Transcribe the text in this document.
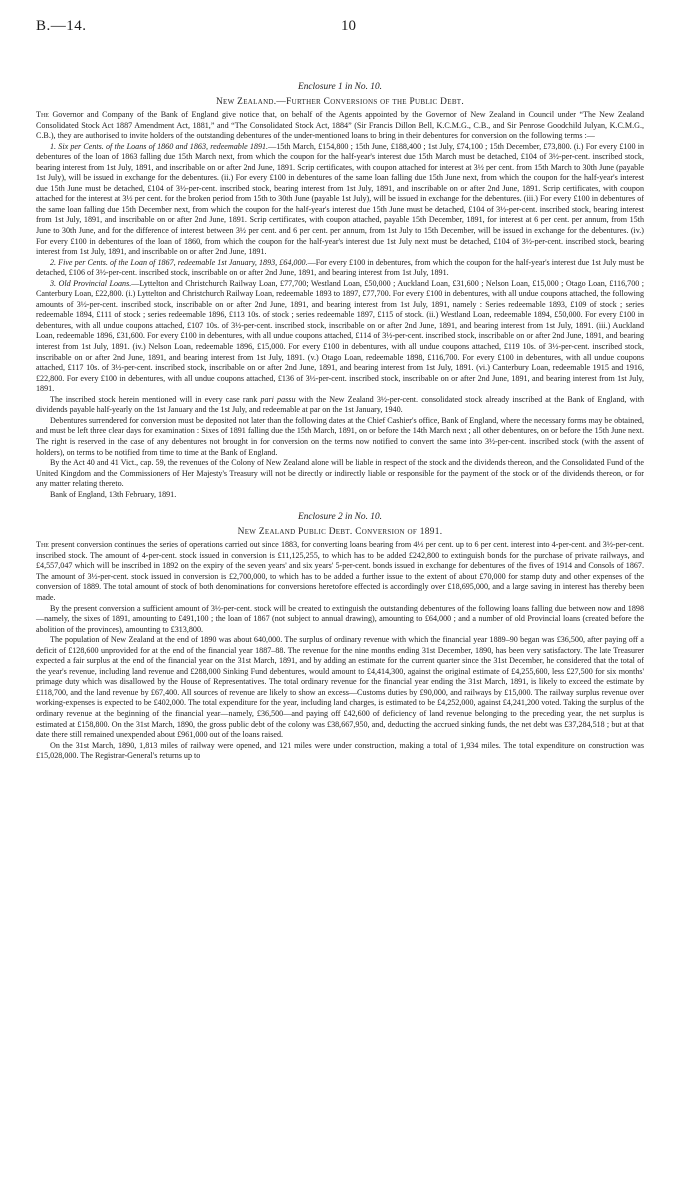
B.—14.	10
Enclosure 1 in No. 10.
New Zealand.—Further Conversions of the Public Debt.

The Governor and Company of the Bank of England give notice that, on behalf of the Agents appointed by the Governor of New Zealand in Council under “The New Zealand Consolidated Stock Act 1887 Amendment Act, 1881,” and “The Consolidated Stock Act, 1884” (Sir Francis Dillon Bell, K.C.M.G., C.B., and Sir Penrose Goodchild Julyan, K.C.M.G., C.B.), they are authorised to invite holders of the outstanding debentures of the under-mentioned loans to bring in their debentures for conversion on the following terms :—

1. Six per Cents. of the Loans of 1860 and 1863, redeemable 1891.—15th March, £154,800 ; 15th June, £188,400 ; 1st July, £74,100 ; 15th December, £73,800. (i.) For every £100 in debentures of the loan of 1863 falling due 15th March next, from which the coupon for the half-year's interest due 15th March must be detached, £104 of 3½-per-cent. inscribed stock, bearing interest from 1st July, 1891, and inscribable on or after 2nd June, 1891. Scrip certificates, with coupon attached for interest at 3½ per cent. from 15th March to 30th June (payable 1st July), will be issued in exchange for the debentures. (ii.) For every £100 in debentures of the same loan falling due 15th June next, from which the coupon for the half-year's interest due 15th June must be detached, £104 of 3½-per-cent. inscribed stock, bearing interest from 1st July, 1891, and inscribable on or after 2nd June, 1891. Scrip certificates, with coupon attached for the interest at 3½ per cent. for the broken period from 15th to 30th June (payable 1st July), will be issued in exchange for the debentures. (iii.) For every £100 in debentures of the same loan falling due 15th December next, from which the coupon for the half-year's interest due 15th June must be detached, £104 of 3½-per-cent. inscribed stock, bearing interest from 1st July, 1891, and inscribable on or after 2nd June, 1891. Scrip certificates, with coupon attached, payable 15th December, 1891, for interest at 6 per cent. per annum, from 15th June to 30th June, and for the difference of interest between 3½ per cent. and 6 per cent. per annum, from 1st July to 15th December, will be issued in exchange for the debentures. (iv.) For every £100 in debentures of the loan of 1860, from which the coupon for the half-year's interest due 1st July next must be detached, £104 of 3½-per-cent. inscribed stock, bearing interest from 1st July, 1891, and inscribable on or after 2nd June, 1891.

2. Five per Cents. of the Loan of 1867, redeemable 1st January, 1893, £64,000.—For every £100 in debentures, from which the coupon for the half-year's interest due 1st July must be detached, £106 of 3½-per-cent. inscribed stock, inscribable on or after 2nd June, 1891, and bearing interest from 1st July, 1891.

3. Old Provincial Loans.—Lyttelton and Christchurch Railway Loan, £77,700; Westland Loan, £50,000 ; Auckland Loan, £31,600 ; Nelson Loan, £15,000 ; Otago Loan, £116,700 ; Canterbury Loan, £22,800. (i.) Lyttelton and Christchurch Railway Loan, redeemable 1893 to 1897, £77,700. For every £100 in debentures, with all undue coupons attached, the following amounts of 3½-per-cent. inscribed stock, inscribable on or after 2nd June, 1891, and bearing interest from 1st July, 1891, namely : Series redeemable 1893, £109 of stock ; series redeemable 1894, £111 of stock ; series redeemable 1896, £113 10s. of stock ; series redeemable 1897, £115 of stock. (ii.) Westland Loan, redeemable 1894, £50,000. For every £100 in debentures, with all undue coupons attached, £107 10s. of 3½-per-cent. inscribed stock, inscribable on or after 2nd June, 1891, and bearing interest from 1st July, 1891. (iii.) Auckland Loan, redeemable 1896, £31,600. For every £100 in debentures, with all undue coupons attached, £114 of 3½-per-cent. inscribed stock, inscribable on or after 2nd June, 1891, and bearing interest from 1st July, 1891. (iv.) Nelson Loan, redeemable 1896, £15,000. For every £100 in debentures, with all undue coupons attached, £119 10s. of 3½-per-cent. inscribed stock, inscribable on or after 2nd June, 1891, and bearing interest from 1st July, 1891. (v.) Otago Loan, redeemable 1898, £116,700. For every £100 in debentures, with all undue coupons attached, £117 10s. of 3½-per-cent. inscribed stock, inscribable on or after 2nd June, 1891, and bearing interest from 1st July, 1891. (vi.) Canterbury Loan, redeemable 1915 and 1916, £22,800. For every £100 in debentures, with all undue coupons attached, £136 of 3½-per-cent. inscribed stock, inscribable on or after 2nd June, 1891, and bearing interest from 1st July, 1891.

The inscribed stock herein mentioned will in every case rank pari passu with the New Zealand 3½-per-cent. consolidated stock already inscribed at the Bank of England, with dividends payable half-yearly on the 1st January and the 1st July, and redeemable at par on the 1st January, 1940.

Debentures surrendered for conversion must be deposited not later than the following dates at the Chief Cashier's office, Bank of England, where the necessary forms may be obtained, and must be left three clear days for examination : Sixes of 1891 falling due the 15th March, 1891, on or before the 14th March next ; all other debentures, on or before the 15th June next. The right is reserved in the case of any debentures not brought in for conversion on the terms now notified to convert the same into 3½-per-cent. inscribed stock (with the assent of holders), on terms to be notified from time to time at the Bank of England.

By the Act 40 and 41 Vict., cap. 59, the revenues of the Colony of New Zealand alone will be liable in respect of the stock and the dividends thereon, and the Consolidated Fund of the United Kingdom and the Commissioners of Her Majesty's Treasury will not be directly or indirectly liable or responsible for the payment of the stock or of the dividends thereon, or for any matter relating thereto.

Bank of England, 13th February, 1891.

Enclosure 2 in No. 10.
New Zealand Public Debt. Conversion of 1891.

The present conversion continues the series of operations carried out since 1883, for converting loans bearing from 4½ per cent. up to 6 per cent. interest into 4-per-cent. and 3½-per-cent. inscribed stock. The amount of 4-per-cent. stock issued in conversion is £11,125,255, to which has to be added £242,800 to extinguish bonds for the purchase of private railways, and £4,557,047 which will be inscribed in 1892 on the expiry of the seven years' and six years' 5-per-cent. bonds issued in exchange for debentures of the fives of 1914 and Consols of 1867. The amount of 3½-per-cent. stock issued in conversion is £2,700,000, to which has to be added a further issue to the extent of about £70,000 for stamp duty and other expenses of the conversion of 1889. The total amount of stock of both denominations for conversions heretofore effected is accordingly over £18,695,000, and a large saving in interest has thereby been made.

By the present conversion a sufficient amount of 3½-per-cent. stock will be created to extinguish the outstanding debentures of the following loans falling due between now and 1898—namely, the sixes of 1891, amounting to £491,100 ; the loan of 1867 (not subject to annual drawing), amounting to £64,000 ; and a number of old Provincial loans (created before the abolition of the provinces), amounting to £313,800.

The population of New Zealand at the end of 1890 was about 640,000. The surplus of ordinary revenue with which the financial year 1889–90 began was £36,500, after paying off a deficit of £128,600 unprovided for at the end of the financial year 1887–88. The revenue for the nine months ending 31st December, 1890, has been very satisfactory. The late Treasurer expected a fair surplus at the end of the financial year on the 31st March, 1891, and by adding an estimate for the current quarter since the 31st December, he considered that the total of the year's revenue, including land revenue and £288,000 Sinking Fund debentures, would amount to £4,414,300, against the original estimate of £4,255,600, less £27,500 for six months' primage duty which was disallowed by the House of Representatives. The total ordinary revenue for the financial year ending the 31st March, 1891, is likely to exceed the estimate by £118,700, and the land revenue by £67,400. All sources of revenue are likely to show an excess—Customs duties by £90,000, and railways by £15,000. The railway surplus revenue over working-expenses is expected to be £402,000. The total expenditure for the year, including land charges, is estimated to be £4,252,000, against £4,241,200 voted. Taking the surplus of the ordinary revenue at the beginning of the financial year—namely, £36,500—and paying off £42,600 of deficiency of land revenue belonging to the preceding year, the net surplus is estimated at £158,800. On the 31st March, 1890, the gross public debt of the colony was £38,667,950, and, deducting the accrued sinking funds, the net debt was £37,284,518 ; but at that date there still remained unexpended about £961,000 out of the loans raised.

On the 31st March, 1890, 1,813 miles of railway were opened, and 121 miles were under construction, making a total of 1,934 miles. The total expenditure on construction was £15,028,000. The Registrar-General's returns up to
